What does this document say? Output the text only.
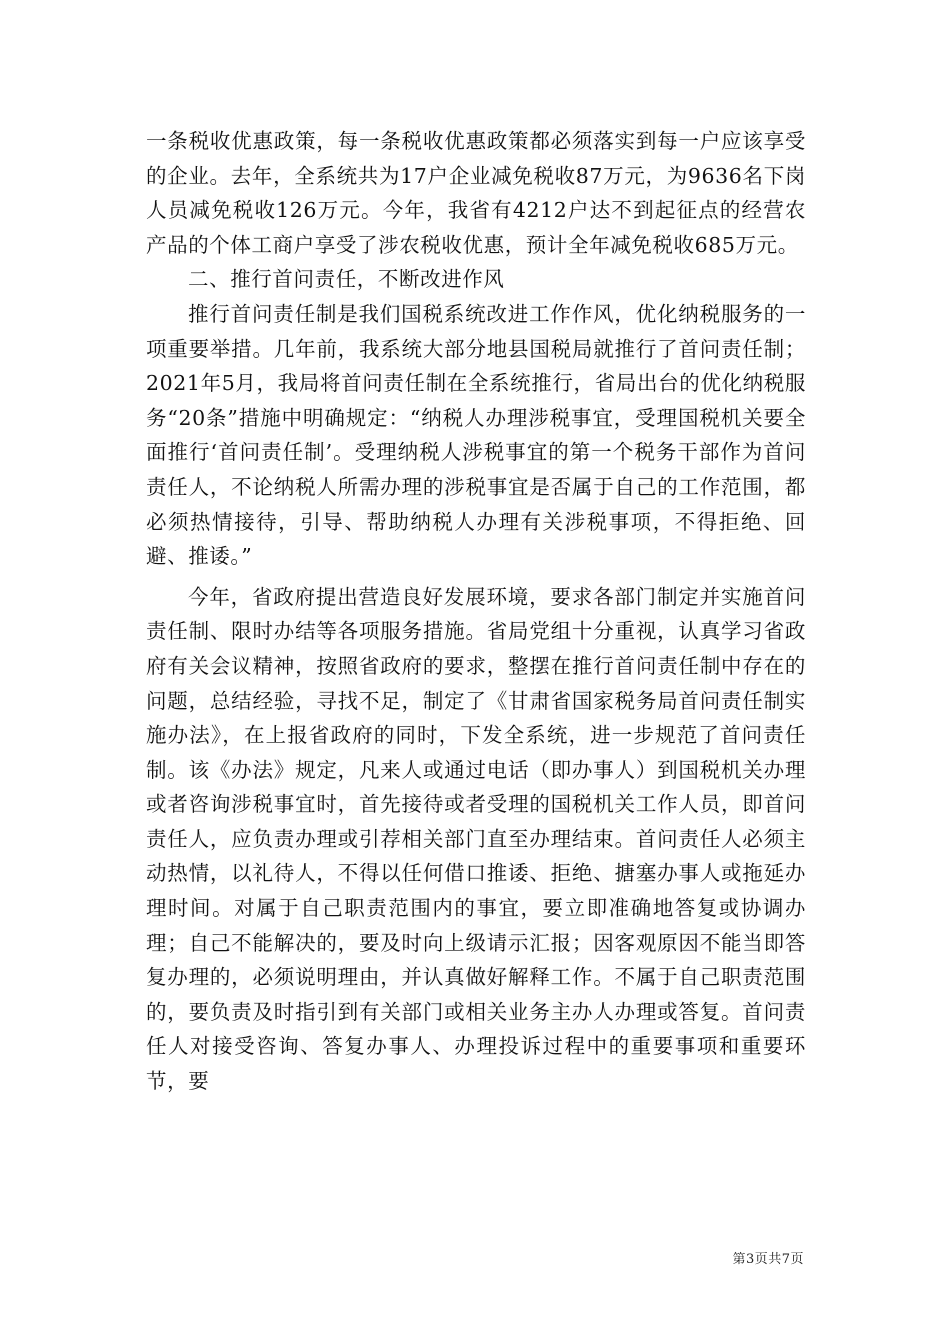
一条税收优惠政策，每一条税收优惠政策都必须落实到每一户应该享受的企业。去年，全系统共为17户企业减免税收87万元，为9636名下岗人员减免税收126万元。今年，我省有4212户达不到起征点的经营农产品的个体工商户享受了涉农税收优惠，预计全年减免税收685万元。

二、推行首问责任，不断改进作风

推行首问责任制是我们国税系统改进工作作风，优化纳税服务的一项重要举措。几年前，我系统大部分地县国税局就推行了首问责任制；2021年5月，我局将首问责任制在全系统推行，省局出台的优化纳税服务“20条”措施中明确规定：“纳税人办理涉税事宜，受理国税机关要全面推行‘首问责任制’。受理纳税人涉税事宜的第一个税务干部作为首问责任人，不论纳税人所需办理的涉税事宜是否属于自己的工作范围，都必须热情接待，引导、帮助纳税人办理有关涉税事项，不得拒绝、回避、推诿。”

今年，省政府提出营造良好发展环境，要求各部门制定并实施首问责任制、限时办结等各项服务措施。省局党组十分重视，认真学习省政府有关会议精神，按照省政府的要求，整摆在推行首问责任制中存在的问题，总结经验，寻找不足，制定了《甘肃省国家税务局首问责任制实施办法》，在上报省政府的同时，下发全系统，进一步规范了首问责任制。该《办法》规定，凡来人或通过电话（即办事人）到国税机关办理或者咨询涉税事宜时，首先接待或者受理的国税机关工作人员，即首问责任人，应负责办理或引荐相关部门直至办理结束。首问责任人必须主动热情，以礼待人，不得以任何借口推诿、拒绝、搪塞办事人或拖延办理时间。对属于自己职责范围内的事宜，要立即准确地答复或协调办理；自己不能解决的，要及时向上级请示汇报；因客观原因不能当即答复办理的，必须说明理由，并认真做好解释工作。不属于自己职责范围的，要负责及时指引到有关部门或相关业务主办人办理或答复。首问责任人对接受咨询、答复办事人、办理投诉过程中的重要事项和重要环节，要

第3页共7页
